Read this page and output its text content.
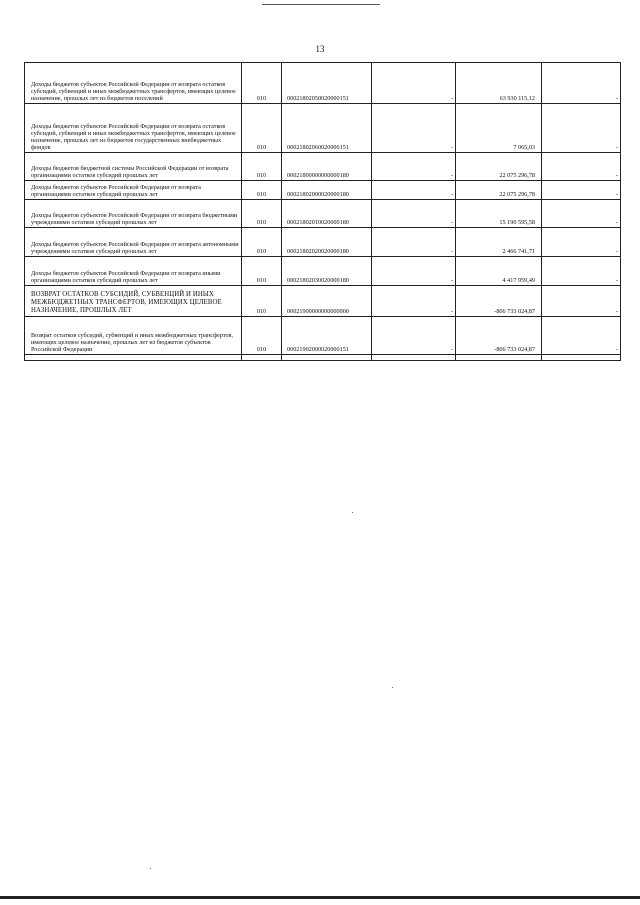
13
Доходы бюджетов субъектов Российской Федерации от возврата остатков субсидий, субвенций и иных межбюджетных трансфертов, имеющих целевое назначение, прошлых лет из бюджетов поселений	010	00021802050020000151	-	63 930 115,12	-
Доходы бюджетов субъектов Российской Федерации от возврата остатков субсидий, субвенций и иных межбюджетных трансфертов, имеющих целевое назначение, прошлых лет из бюджетов государственных внебюджетных фондов	010	00021802060020000151	-	7 065,03	-
Доходы бюджетов бюджетной системы Российской Федерации от возврата организациями остатков субсидий прошлых лет	010	00021800000000000180	-	22 075 296,78	-
Доходы бюджетов субъектов Российской Федерации от возврата организациями остатков субсидий прошлых лет	010	00021802000020000180	-	22 075 296,78	-
Доходы бюджетов субъектов Российской Федерации от возврата бюджетными учреждениями остатков субсидий прошлых лет	010	00021802010020000180	-	15 190 595,58	-
Доходы бюджетов субъектов Российской Федерации от возврата автономными учреждениями остатков субсидий прошлых лет	010	00021802020020000180	-	2 466 741,71	-
Доходы бюджетов субъектов Российской Федерации от возврата иными организациями остатков субсидий прошлых лет	010	00021802030020000180	-	4 417 959,49	-
ВОЗВРАТ ОСТАТКОВ СУБСИДИЙ, СУБВЕНЦИЙ И ИНЫХ МЕЖБЮДЖЕТНЫХ ТРАНСФЕРТОВ, ИМЕЮЩИХ ЦЕЛЕВОЕ НАЗНАЧЕНИЕ, ПРОШЛЫХ ЛЕТ	010	00021900000000000000	-	-806 733 024,87	-
Возврат остатков субсидий, субвенций и иных межбюджетных трансфертов, имеющих целевое назначение, прошлых лет из бюджетов субъектов Российской Федерации	010	00021902000020000151	-	-806 733 024,87	-
